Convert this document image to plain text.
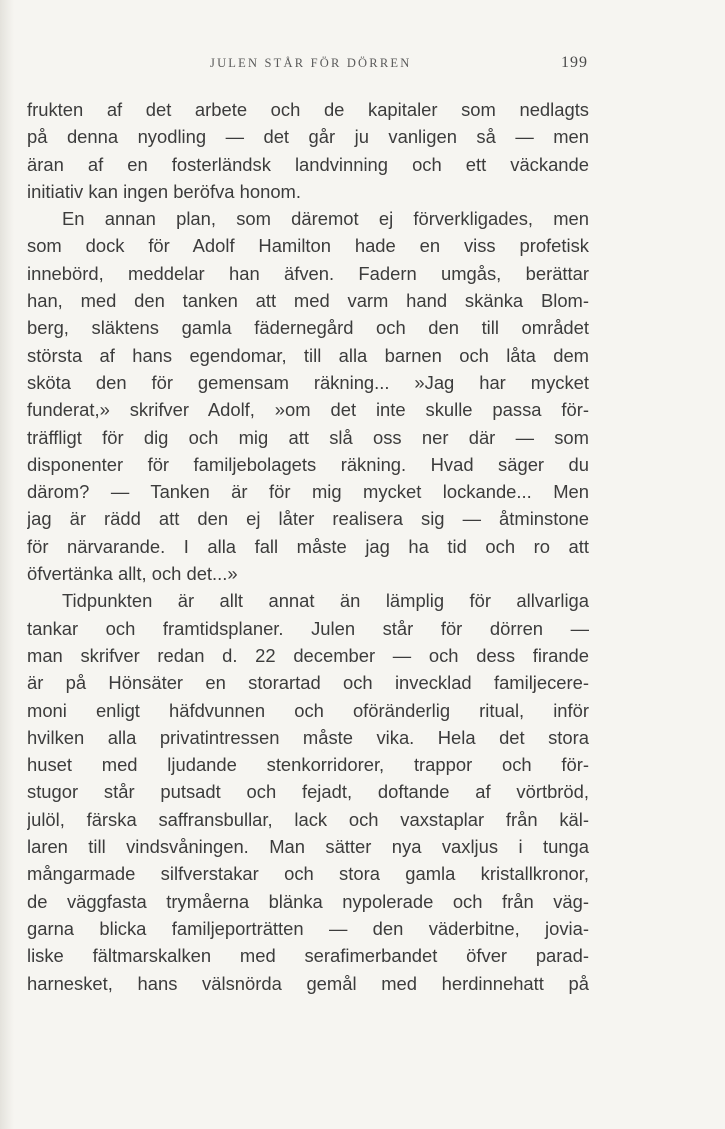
JULEN STÅR FÖR DÖRREN	199
frukten af det arbete och de kapitaler som nedlagts
på denna nyodling — det går ju vanligen så — men
äran af en fosterländsk landvinning och ett väckande
initiativ kan ingen beröfva honom.
En annan plan, som däremot ej förverkligades, men
som dock för Adolf Hamilton hade en viss profetisk
innebörd, meddelar han äfven. Fadern umgås, berättar
han, med den tanken att med varm hand skänka Blom-
berg, släktens gamla fädernegård och den till området
största af hans egendomar, till alla barnen och låta dem
sköta den för gemensam räkning... »Jag har mycket
funderat,» skrifver Adolf, »om det inte skulle passa för-
träffligt för dig och mig att slå oss ner där — som
disponenter för familjebolagets räkning. Hvad säger du
därom? — Tanken är för mig mycket lockande... Men
jag är rädd att den ej låter realisera sig — åtminstone
för närvarande. I alla fall måste jag ha tid och ro att
öfvertänka allt, och det...»
Tidpunkten är allt annat än lämplig för allvarliga
tankar och framtidsplaner. Julen står för dörren —
man skrifver redan d. 22 december — och dess firande
är på Hönsäter en storartad och invecklad familjecere-
moni enligt häfdvunnen och oföränderlig ritual, inför
hvilken alla privatintressen måste vika. Hela det stora
huset med ljudande stenkorridorer, trappor och för-
stugor står putsadt och fejadt, doftande af vörtbröd,
julöl, färska saffransbullar, lack och vaxstaplar från käl-
laren till vindsvåningen. Man sätter nya vaxljus i tunga
mångarmade silfverstakar och stora gamla kristallkronor,
de väggfasta trymåerna blänka nypolerade och från väg-
garna blicka familjeporträtten — den väderbitne, jovia-
liske fältmarskalken med serafimerbandet öfver parad-
harnesket, hans välsnörda gemål med herdinnehatt på
